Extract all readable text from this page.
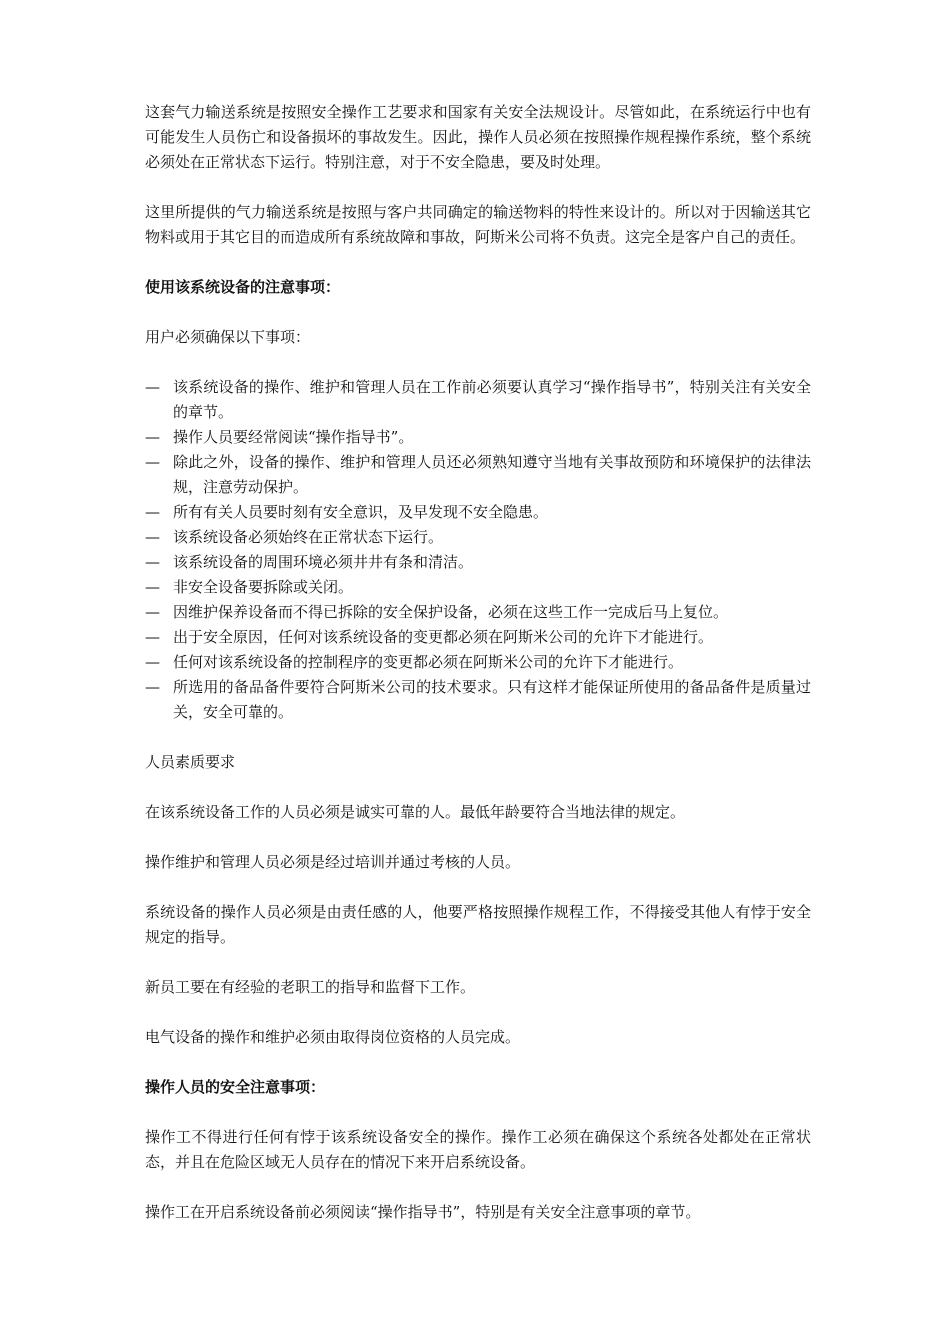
这套气力输送系统是按照安全操作工艺要求和国家有关安全法规设计。尽管如此，在系统运行中也有可能发生人员伤亡和设备损坏的事故发生。因此，操作人员必须在按照操作规程操作系统，整个系统必须处在正常状态下运行。特别注意，对于不安全隐患，要及时处理。

这里所提供的气力输送系统是按照与客户共同确定的输送物料的特性来设计的。所以对于因输送其它物料或用于其它目的而造成所有系统故障和事故，阿斯米公司将不负责。这完全是客户自己的责任。

使用该系统设备的注意事项：

用户必须确保以下事项：

— 该系统设备的操作、维护和管理人员在工作前必须要认真学习“操作指导书”，特别关注有关安全的章节。
— 操作人员要经常阅读“操作指导书”。
— 除此之外，设备的操作、维护和管理人员还必须熟知遵守当地有关事故预防和环境保护的法律法规，注意劳动保护。
— 所有有关人员要时刻有安全意识，及早发现不安全隐患。
— 该系统设备必须始终在正常状态下运行。
— 该系统设备的周围环境必须井井有条和清洁。
— 非安全设备要拆除或关闭。
— 因维护保养设备而不得已拆除的安全保护设备，必须在这些工作一完成后马上复位。
— 出于安全原因，任何对该系统设备的变更都必须在阿斯米公司的允许下才能进行。
— 任何对该系统设备的控制程序的变更都必须在阿斯米公司的允许下才能进行。
— 所选用的备品备件要符合阿斯米公司的技术要求。只有这样才能保证所使用的备品备件是质量过关，安全可靠的。

人员素质要求

在该系统设备工作的人员必须是诚实可靠的人。最低年龄要符合当地法律的规定。

操作维护和管理人员必须是经过培训并通过考核的人员。

系统设备的操作人员必须是由责任感的人，他要严格按照操作规程工作，不得接受其他人有悖于安全规定的指导。

新员工要在有经验的老职工的指导和监督下工作。

电气设备的操作和维护必须由取得岗位资格的人员完成。

操作人员的安全注意事项：

操作工不得进行任何有悖于该系统设备安全的操作。操作工必须在确保这个系统各处都处在正常状态，并且在危险区域无人员存在的情况下来开启系统设备。

操作工在开启系统设备前必须阅读“操作指导书”，特别是有关安全注意事项的章节。
